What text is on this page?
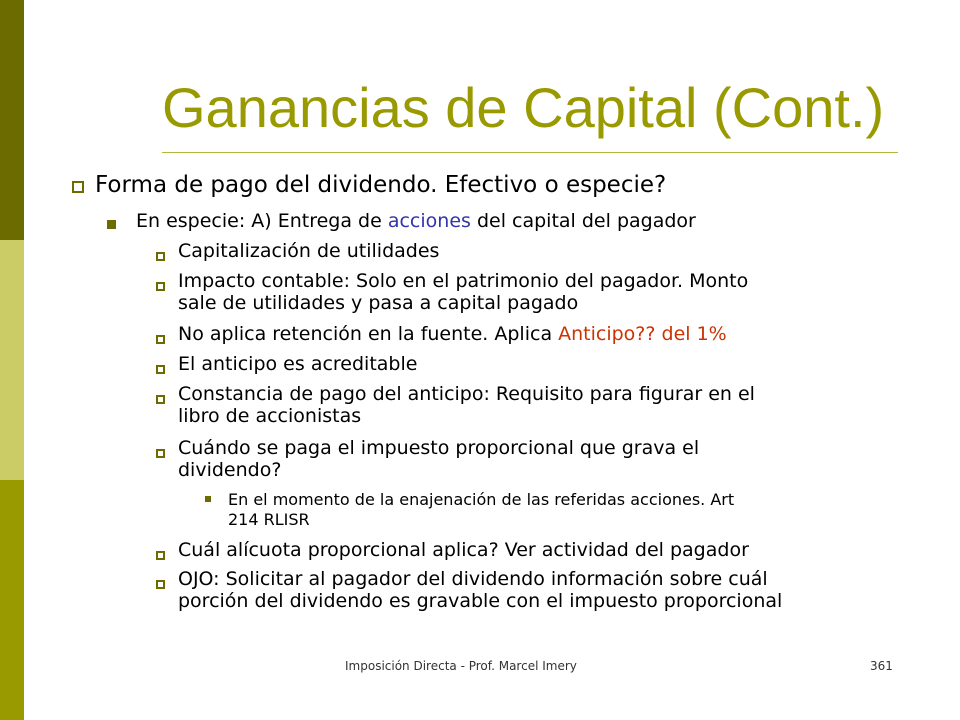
Ganancias de Capital (Cont.)
Forma de pago del dividendo. Efectivo o especie?
En especie: A) Entrega de acciones del capital del pagador
Capitalización de utilidades
Impacto contable: Solo en el patrimonio del pagador. Monto
sale de utilidades y pasa a capital pagado
No aplica retención en la fuente. Aplica Anticipo?? del 1%
El anticipo es acreditable
Constancia de pago del anticipo: Requisito para figurar en el
libro de accionistas
Cuándo se paga el impuesto proporcional que grava el
dividendo?
En el momento de la enajenación de las referidas acciones. Art
214 RLISR
Cuál alícuota proporcional aplica? Ver actividad del pagador
OJO: Solicitar al pagador del dividendo información sobre cuál
porción del dividendo es gravable con el impuesto proporcional
Imposición Directa - Prof. Marcel Imery	361
